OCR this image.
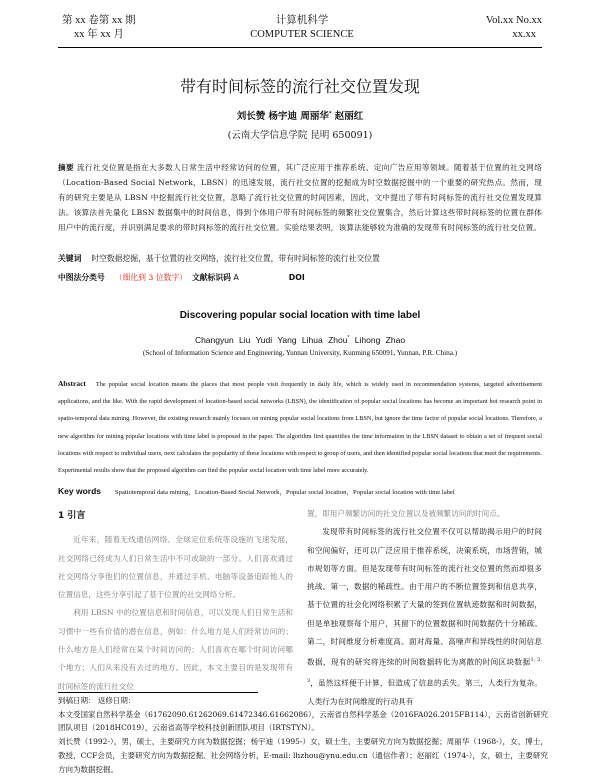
第 xx 卷第 xx 期
xx 年 xx 月
计算机科学
COMPUTER SCIENCE
Vol.xx No.xx
xx.xx
带有时间标签的流行社交位置发现
刘长赞 杨宇迪 周丽华* 赵丽红
(云南大学信息学院 昆明 650091)
摘要 流行社交位置是指在大多数人日常生活中经常访问的位置，其广泛应用于推荐系统、定向广告应用等领域。随着基于位置的社交网络（Location-Based Social Network，LBSN）的迅速发展，流行社交位置的挖掘成为时空数据挖掘中的一个重要的研究热点。然而，现有的研究主要是从 LBSN 中挖掘流行社交位置，忽略了流行社交位置的时间因素，因此，文中提出了带有时间标签的流行社交位置发现算法。该算法首先量化 LBSN 数据集中的时间信息，得到个体用户带有时间标签的频繁社交位置集合，然后计算这些带时间标签的位置在群体用户中的流行度，并识别满足要求的带时间标签的流行社交位置。实验结果表明，该算法能够较为准确的发现带有时间标签的流行社交位置。
关键词 时空数据挖掘，基于位置的社交网络，流行社交位置，带有时间标签的流行社交位置
中图法分类号 （细化到 3 位数字） 文献标识码 A	DOI
Discovering popular social location with time label
Changyun Liu Yudi Yang Lihua Zhou* Lihong Zhao
(School of Information Science and Engineering, Yunnan University, Kunming 650091, Yunnan, P.R. China.)
Abstract The popular social location means the places that most people visit frequently in daily life, which is widely used in recommendation systems, targeted advertisement applications, and the like. With the rapid development of location-based social networks (LBSN), the identification of popular social locations has become an important hot research point in spatio-temporal data mining. However, the existing research mainly focuses on mining popular social locations from LBSN, but ignore the time factor of popular social locations. Therefore, a new algorithm for mining popular locations with time label is proposed in the paper. The algorithm first quantifies the time information in the LBSN dataset to obtain a set of frequent social locations with respect to individual users, next calculates the popularity of these locations with respect to group of users, and then identified popular social locations that meet the requirements. Experimental results show that the proposed algorithm can find the popular social location with time label more accurately.
Key words Spatiotemporal data mining，Location-Based Social Network，Popular social location，Popular social location with time label
1 引言

近年来，随着无线通信网络、全球定位系统等设施的飞速发展，社交网络已经成为人们日常生活中不可或缺的一部分。人们喜欢通过社交网络分享他们的位置信息，并通过手机、电脑等设备追踪他人的位置信息，这些分享引起了基于位置的社交网络分析。

利用 LBSN 中的位置信息和时间信息，可以发现人们日常生活和习惯中一些有价值的潜在信息，例如：什么地方是人们经常访问的；什么地方是人们经常在某个时间访问的；人们喜欢在哪个时间访问哪个地方；人们从来没有去过的地方。因此，本文主要目的是发现带有时间标签的流行社交位

置，即用户频繁访问的社交位置以及被频繁访问的时间点。

发现带有时间标签的流行社交位置不仅可以帮助揭示用户的时间和空间偏好，还可以广泛应用于推荐系统，决策系统，市场营销，城市规划等方面。但是发现带有时间标签的流行社交位置的然而却很多挑战。第一，数据的稀疏性。由于用户的不断位置签到和信息共享，基于位置的社会化网络积累了大量的签到位置轨迹数据和时间数据，但是单独观察每个用户，其留下的位置数据和时间数据仍十分稀疏。第二，时间维度分析难度高。面对海量、高噪声和异线性的时间信息数据，现有的研究将连续的时间数据转化为离散的时间区块数据$^{1, 2, 3}$，虽然这样便于计算，但造成了信息的丢失。第三，人类行为复杂。人类行为在时间维度的行动具有

到稿日期： 返修日期：
本文受国家自然科学基金（61762090.61262069.61472346.61662086），云南省自然科学基金（2016FA026.2015FB114），云南省创新研究团队项目（2018HC019），云南省高等学校科技创新团队项目（IRTSTYN）。
刘长赞（1992-），男，硕士，主要研究方向为数据挖掘；杨宇迪（1995-）女，硕士生，主要研究方向为数据挖掘；周丽华（1968-），女，博士，教授，CCF会员，主要研究方向为数据挖掘、社会网络分析，E-mail: lhzhou@ynu.edu.cn（通信作者）；赵丽红（1974-），女，硕士，主要研究方向为数据挖掘。
